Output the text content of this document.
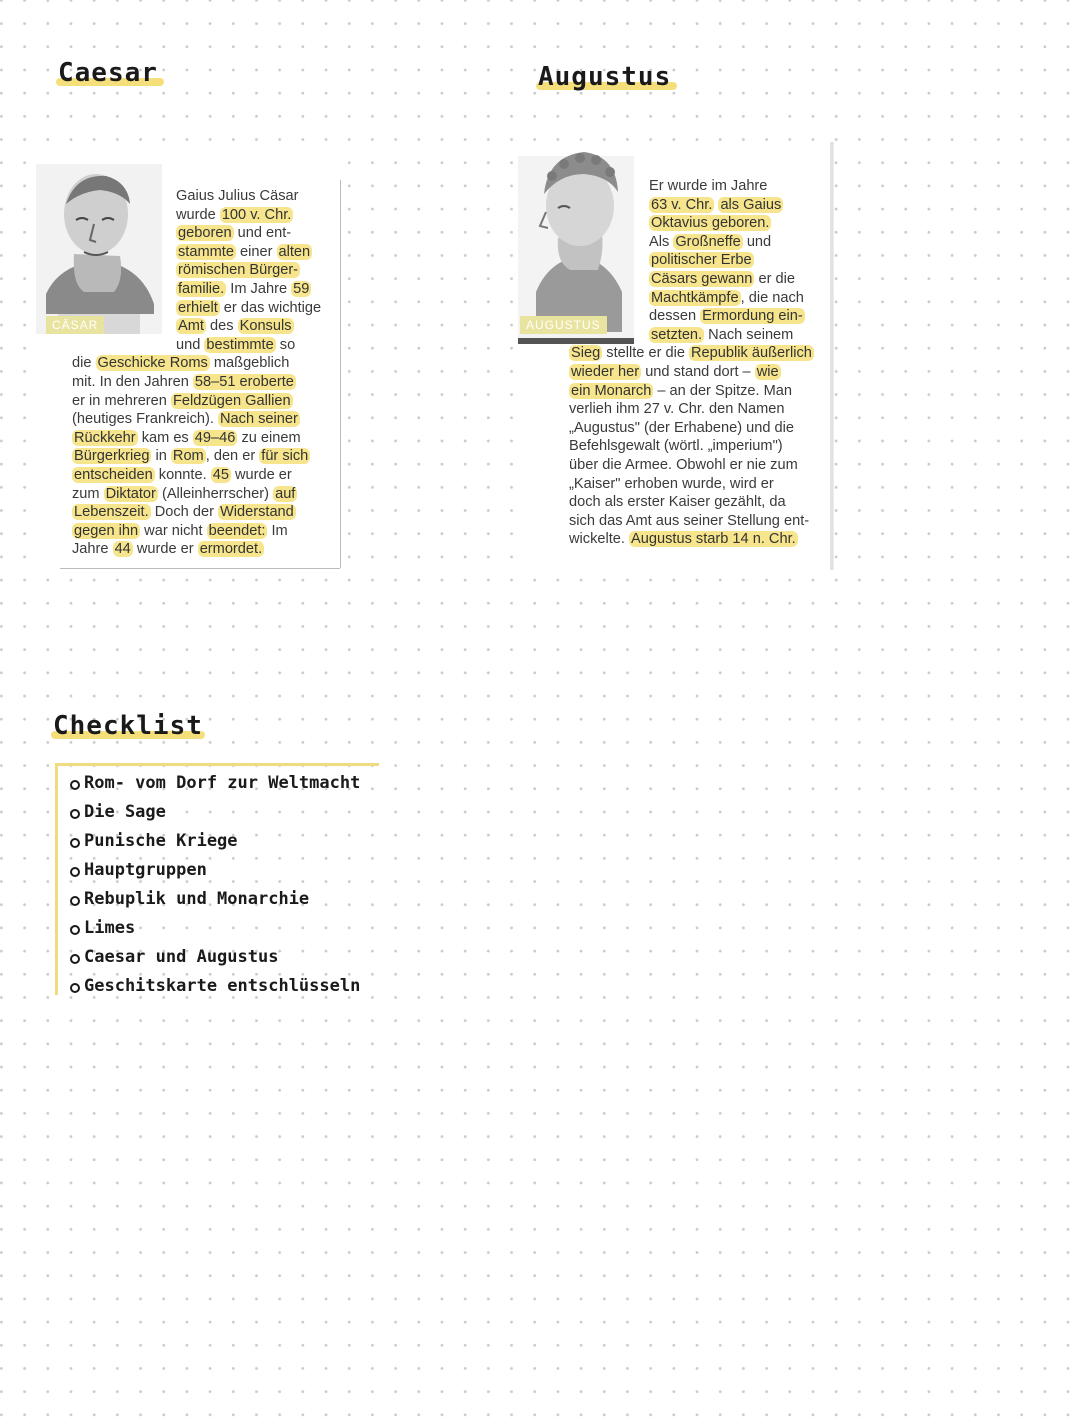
Caesar	Augustus
CÄSAR
Gaius Julius Cäsar
wurde 100 v. Chr.
geboren und ent-
stammte einer alten
römischen Bürger-
familie. Im Jahre 59
erhielt er das wichtige
Amt des Konsuls
und bestimmte so
die Geschicke Roms maßgeblich
mit. In den Jahren 58–51 eroberte
er in mehreren Feldzügen Gallien
(heutiges Frankreich). Nach seiner
Rückkehr kam es 49–46 zu einem
Bürgerkrieg in Rom , den er für sich
entscheiden konnte. 45 wurde er
zum Diktator (Alleinherrscher) auf
Lebenszeit. Doch der Widerstand
gegen ihn war nicht beendet: Im
Jahre 44 wurde er ermordet.
AUGUSTUS
Er wurde im Jahre
63 v. Chr. als Gaius
Oktavius geboren.
Als Großneffe und
politischer Erbe
Cäsars gewann er die
Machtkämpfe , die nach
dessen Ermordung ein-
setzten. Nach seinem
Sieg stellte er die Republik äußerlich
wieder her und stand dort – wie
ein Monarch – an der Spitze. Man
verlieh ihm 27 v. Chr. den Namen
„Augustus" (der Erhabene) und die
Befehlsgewalt (wörtl. „imperium")
über die Armee. Obwohl er nie zum
„Kaiser" erhoben wurde, wird er
doch als erster Kaiser gezählt, da
sich das Amt aus seiner Stellung ent-
wickelte. Augustus starb 14 n. Chr.
Checklist
Rom- vom Dorf zur Weltmacht
Die Sage
Punische Kriege
Hauptgruppen
Rebuplik und Monarchie
Limes
Caesar und Augustus
Geschitskarte entschlüsseln
